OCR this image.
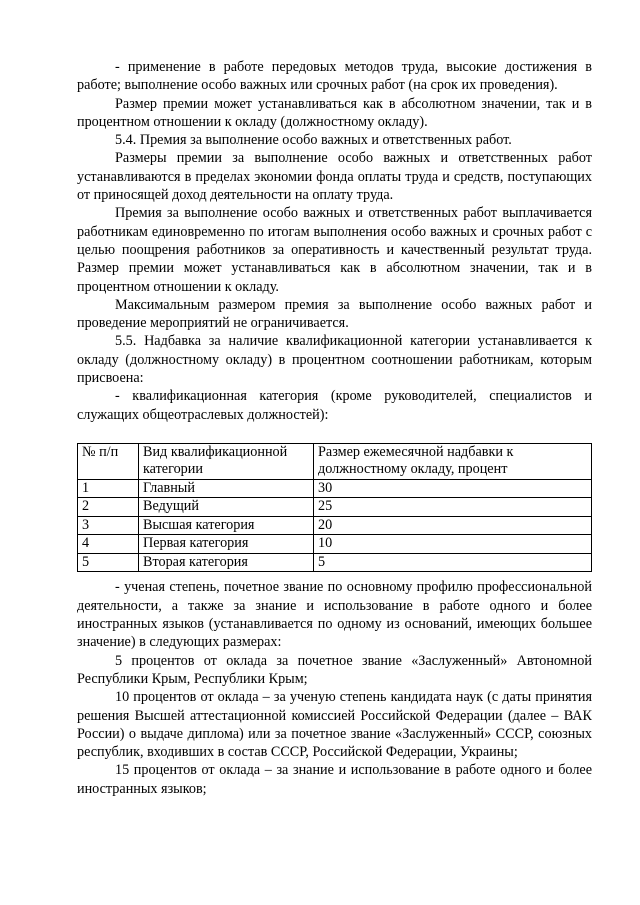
- применение в работе передовых методов труда, высокие достижения в работе; выполнение особо важных или срочных работ (на срок их проведения).

Размер премии может устанавливаться как в абсолютном значении, так и в процентном отношении к окладу (должностному окладу).

5.4. Премия за выполнение особо важных и ответственных работ.

Размеры премии за выполнение особо важных и ответственных работ устанавливаются в пределах экономии фонда оплаты труда и средств, поступающих от приносящей доход деятельности на оплату труда.

Премия за выполнение особо важных и ответственных работ выплачивается работникам единовременно по итогам выполнения особо важных и срочных работ с целью поощрения работников за оперативность и качественный результат труда. Размер премии может устанавливаться как в абсолютном значении, так и в процентном отношении к окладу.

Максимальным размером премия за выполнение особо важных работ и проведение мероприятий не ограничивается.

5.5. Надбавка за наличие квалификационной категории устанавливается к окладу (должностному окладу) в процентном соотношении работникам, которым присвоена:

- квалификационная категория (кроме руководителей, специалистов и служащих общеотраслевых должностей):

№ п/п	Вид квалификационной категории	Размер ежемесячной надбавки к должностному окладу, процент
1	Главный	30
2	Ведущий	25
3	Высшая категория	20
4	Первая категория	10
5	Вторая категория	5

- ученая степень, почетное звание по основному профилю профессиональной деятельности, а также за знание и использование в работе одного и более иностранных языков (устанавливается по одному из оснований, имеющих большее значение) в следующих размерах:

5 процентов от оклада за почетное звание «Заслуженный» Автономной Республики Крым, Республики Крым;

10 процентов от оклада – за ученую степень кандидата наук (с даты принятия решения Высшей аттестационной комиссией Российской Федерации (далее – ВАК России) о выдаче диплома) или за почетное звание «Заслуженный» СССР, союзных республик, входивших в состав СССР, Российской Федерации, Украины;

15 процентов от оклада – за знание и использование в работе одного и более иностранных языков;
